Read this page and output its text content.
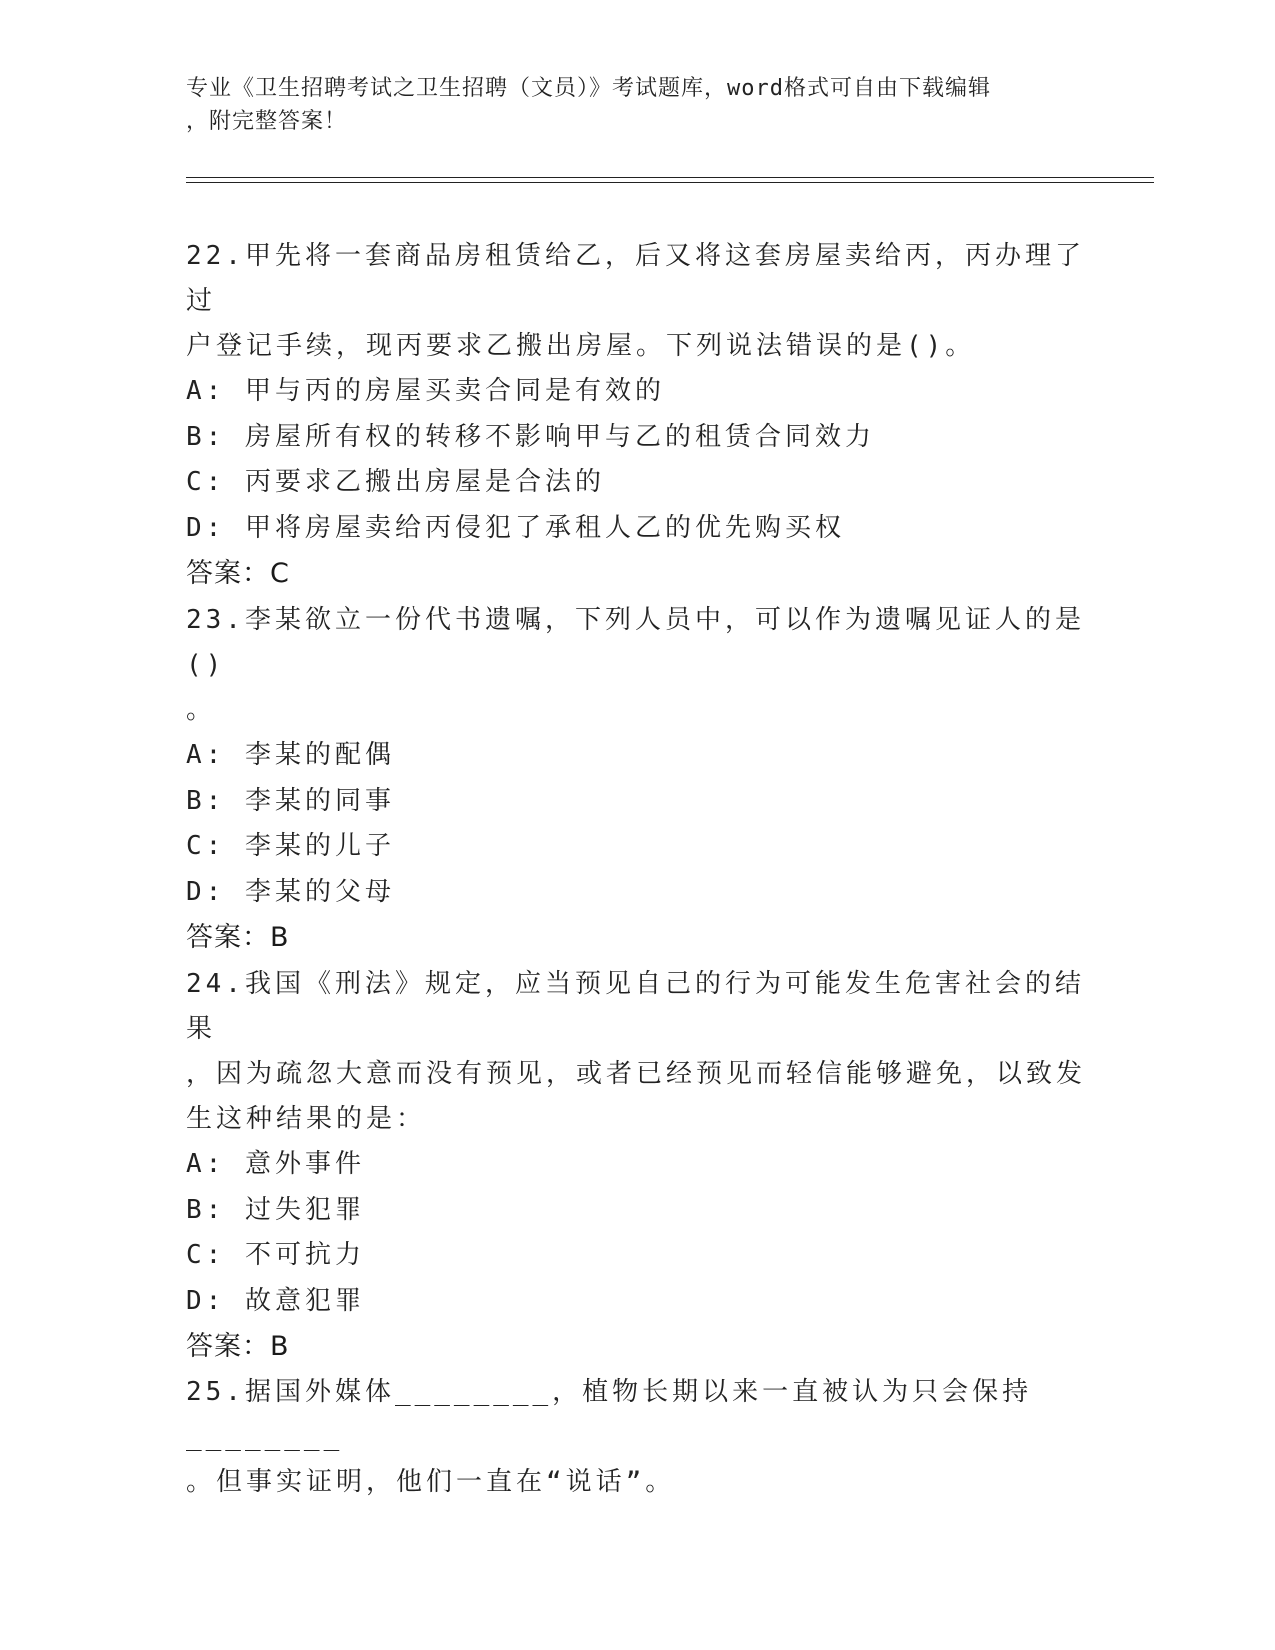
专业《卫生招聘考试之卫生招聘（文员）》考试题库，word格式可自由下载编辑
，附完整答案！

22.甲先将一套商品房租赁给乙，后又将这套房屋卖给丙，丙办理了过

户登记手续，现丙要求乙搬出房屋。下列说法错误的是()。

A: 甲与丙的房屋买卖合同是有效的

B: 房屋所有权的转移不影响甲与乙的租赁合同效力

C: 丙要求乙搬出房屋是合法的

D: 甲将房屋卖给丙侵犯了承租人乙的优先购买权

答案：C

23.李某欲立一份代书遗嘱，下列人员中，可以作为遗嘱见证人的是()

。

A: 李某的配偶

B: 李某的同事

C: 李某的儿子

D: 李某的父母

答案：B

24.我国《刑法》规定，应当预见自己的行为可能发生危害社会的结果

，因为疏忽大意而没有预见，或者已经预见而轻信能够避免，以致发

生这种结果的是：

A: 意外事件

B: 过失犯罪

C: 不可抗力

D: 故意犯罪

答案：B

25.据国外媒体________，植物长期以来一直被认为只会保持________

。但事实证明，他们一直在“说话”。
